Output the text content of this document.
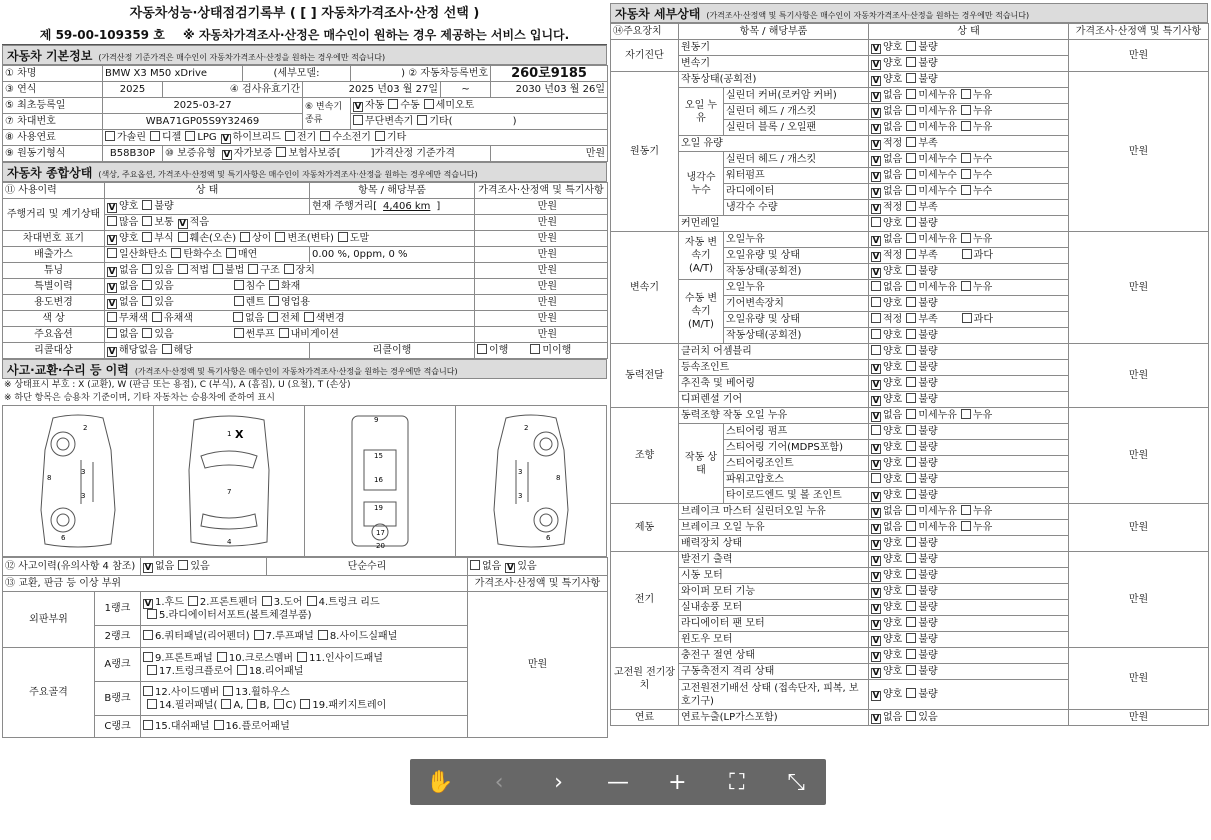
자동차성능·상태점검기록부 ( [ ] 자동차가격조사·산정 선택 )
제 59-00-109359 호 ※ 자동차가격조사·산정은 매수인이 원하는 경우 제공하는 서비스 입니다.
자동차 기본정보 (가격산정 기준가격은 매수인이 자동차가격조사·산정을 원하는 경우에만 적습니다)
① 차명	BMW X3 M50 xDrive		(세부모델:		) ② 자동차등록번호		260로9185
③ 연식	2025	④ 검사유효기간		2025 년03 월 27일		~	2030 년03 월 26일
⑤ 최초등록일	2025-03-27			⑥ 변속기 종류	V자동 수동 세미오토
⑦ 차대번호	WBA71GP05S9Y32469				무단변속기 기타( )		
⑧ 사용연료	가솔린 디젤 LPG V 하이브리드 전기 수소전기 기타
⑨ 원동기형식	B58B30P	⑩ 보증유형 V 자가보증 보험사보증[ ]가격산정 기준가격					만원
자동차 종합상태 (색상, 주요옵션, 가격조사·산정액 및 특기사항은 매수인이 자동차가격조사·산정을 원하는 경우에만 적습니다)
⑪ 사용이력	상 태	항목 / 해당부품	가격조사·산정액 및 특기사항
주행거리 및 계기상태	V양호 불량	현재 주행거리[ 4,406 km ]	만원
	많음 보통 V 적음		만원
차대번호 표기	V양호 부식 훼손(오손) 상이 변조(변타) 도말		만원
배출가스	일산화탄소 탄화수소 매연	0.00 %, 0ppm, 0 %	만원
튜닝	V없음 있음 적법 불법 구조 장치		만원
특별이력	V없음 있음 침수 화재		만원
용도변경	V없음 있음 렌트 영업용		만원
색 상	무채색 유채색 없음 전체 색변경		만원
주요옵션	없음 있음 썬루프 내비게이션		만원
리콜대상	V해당없음 해당	리콜이행	이행 미이행
사고·교환·수리 등 이력 (가격조사·산정액 및 특기사항은 매수인이 자동차가격조사·산정을 원하는 경우에만 적습니다)
※ 상태표시 부호 : X (교환), W (판금 또는 용접), C (부식), A (흠집), U (요철), T (손상)
※ 하단 항목은 승용차 기준이며, 기타 자동차는 승용차에 준하여 표시
2
3
3
8
6
1 X
7
4
9
15
16
19
17
20
2
3
3
8
6
⑫ 사고이력(유의사항 4 참조)	V없음 있음	단순수리	없음 V 있음
⑬ 교환, 판금 등 이상 부위				가격조사·산정액 및 특기사항
외판부위	1랭크	V1.후드 2.프론트펜더 3.도어 4.트렁크 리드
5.라디에이터서포트(볼트체결부품)		만원
	2랭크	6.쿼터패널(리어펜더) 7.루프패널 8.사이드실패널		
주요골격	A랭크	9.프론트패널 10.크로스멤버 11.인사이드패널
17.트렁크플로어 18.리어패널		
	B랭크	12.사이드멤버 13.휠하우스
14.필러패널( A, B, C) 19.패키지트레이		
	C랭크	15.대쉬패널 16.플로어패널		
자동차 세부상태 (가격조사·산정액 및 특기사항은 매수인이 자동차가격조사·산정을 원하는 경우에만 적습니다)
⑭주요장치	항목 / 해당부품		상 태	가격조사·산정액 및 특기사항
자기진단	원동기	V양호 불량	만원
	변속기	V양호 불량
원동기	작동상태(공회전)	V양호 불량	만원
	오일 누유	실린더 커버(로커암 커버)	V없음 미세누유 누유
		실린더 헤드 / 개스킷	V없음 미세누유 누유
		실린더 블록 / 오일팬	V없음 미세누유 누유
	오일 유량	V적정 부족
	냉각수 누수	실린더 헤드 / 개스킷	V없음 미세누수 누수
		워터펌프	V없음 미세누수 누수
		라디에이터	V없음 미세누수 누수
		냉각수 수량	V적정 부족
	커먼레일		양호 불량	
변속기	자동 변속기 (A/T)	오일누유	V없음 미세누유 누유	만원
		오일유량 및 상태	V적정 부족 과다
		작동상태(공회전)	V양호 불량
	수동 변속기 (M/T)	오일누유	없음 미세누유 누유	
		기어변속장치	양호 불량	
		오일유량 및 상태	적정 부족 과다	
		작동상태(공회전)	양호 불량	
동력전달	클러치 어셈블리		양호 불량	만원
	등속조인트	V양호 불량
	추진축 및 베어링	V양호 불량
	디퍼렌셜 기어	V양호 불량
조향	동력조향 작동 오일 누유	V없음 미세누유 누유	만원
	작동 상태	스티어링 펌프	양호 불량	
		스티어링 기어(MDPS포함)	V양호 불량
		스티어링조인트	V양호 불량
		파워고압호스	양호 불량	
		타이로드엔드 및 볼 조인트	V양호 불량
제동	브레이크 마스터 실린더오일 누유	V없음 미세누유 누유	만원
	브레이크 오일 누유	V없음 미세누유 누유
	배력장치 상태	V양호 불량
전기	발전기 출력	V양호 불량	만원
	시동 모터	V양호 불량
	와이퍼 모터 기능	V양호 불량
	실내송풍 모터	V양호 불량
	라디에이터 팬 모터	V양호 불량
	윈도우 모터	V양호 불량
고전원 전기장치	충전구 절연 상태	V양호 불량	만원
	구동축전지 격리 상태	V양호 불량
	고전원전기배선 상태 (접속단자, 피복, 보호기구)	V양호 불량
연료	연료누출(LP가스포함)	V없음 있음	만원
✋	‹	›	—	+	⛶	⤡
